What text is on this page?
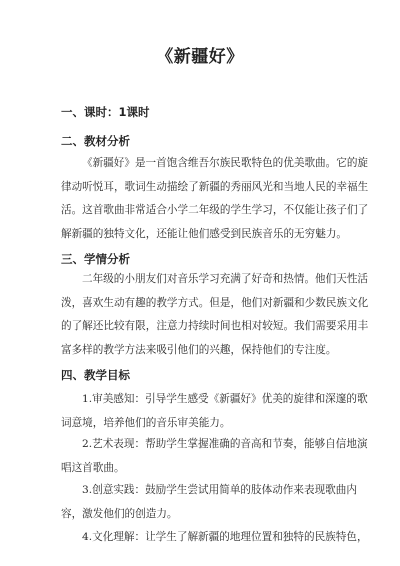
《新疆好》
一、课时：1课时
二、教材分析
《新疆好》是一首饱含维吾尔族民歌特色的优美歌曲。它的旋
律动听悦耳，歌词生动描绘了新疆的秀丽风光和当地人民的幸福生
活。这首歌曲非常适合小学二年级的学生学习，不仅能让孩子们了
解新疆的独特文化，还能让他们感受到民族音乐的无穷魅力。
三、学情分析
二年级的小朋友们对音乐学习充满了好奇和热情。他们天性活
泼，喜欢生动有趣的教学方式。但是，他们对新疆和少数民族文化
的了解还比较有限，注意力持续时间也相对较短。我们需要采用丰
富多样的教学方法来吸引他们的兴趣，保持他们的专注度。
四、教学目标
1.审美感知：引导学生感受《新疆好》优美的旋律和深邃的歌
词意境，培养他们的音乐审美能力。
2.艺术表现：帮助学生掌握准确的音高和节奏，能够自信地演
唱这首歌曲。
3.创意实践：鼓励学生尝试用简单的肢体动作来表现歌曲内
容，激发他们的创造力。
4.文化理解：让学生了解新疆的地理位置和独特的民族特色，
